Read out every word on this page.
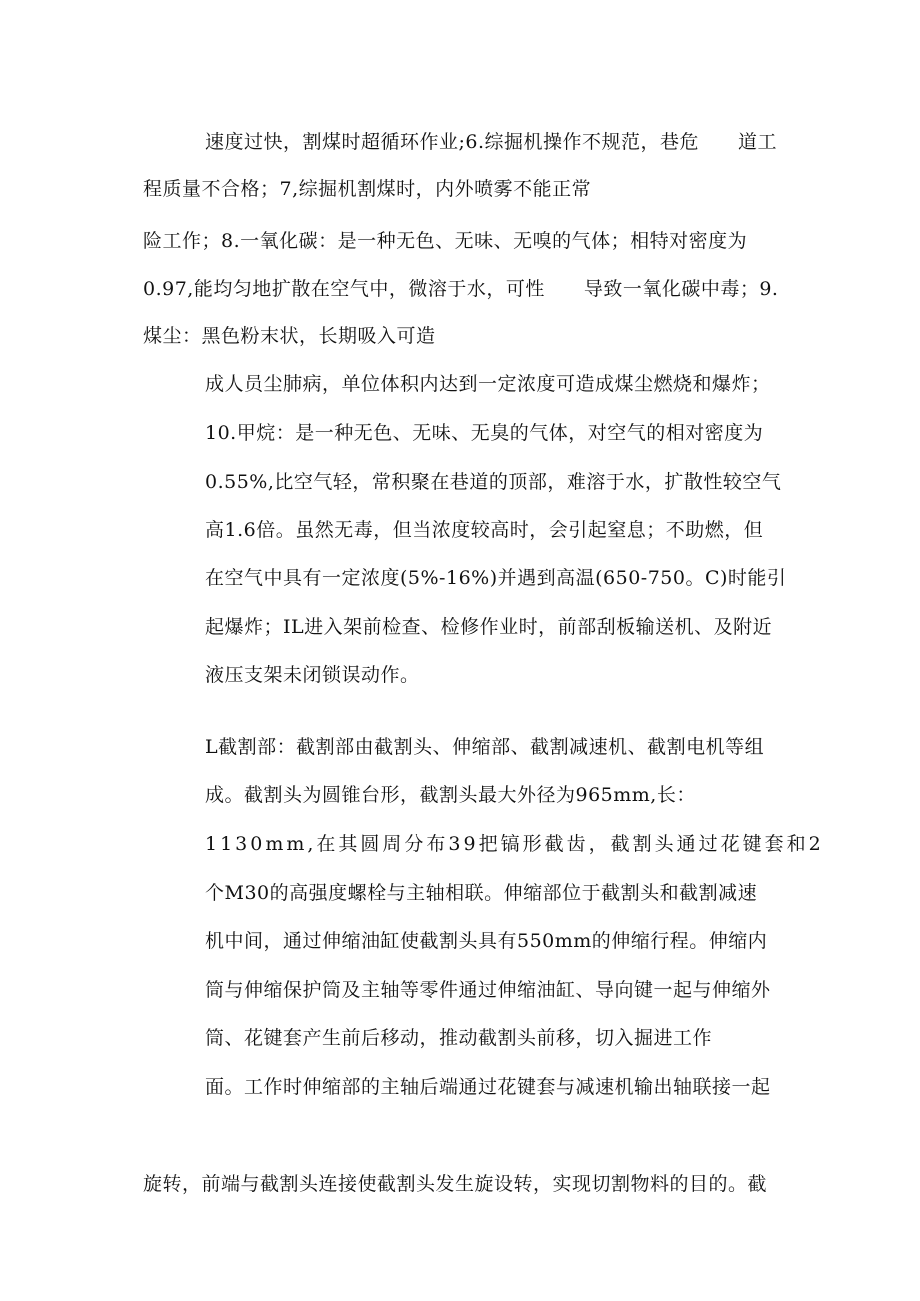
速度过快，割煤时超循环作业;6.综掘机操作不规范，巷危　　道工
程质量不合格；7,综掘机割煤时，内外喷雾不能正常
险工作；8.一氧化碳：是一种无色、无味、无嗅的气体；相特对密度为
0.97,能均匀地扩散在空气中，微溶于水，可性　　导致一氧化碳中毒；9.
煤尘：黑色粉末状，长期吸入可造
成人员尘肺病，单位体积内达到一定浓度可造成煤尘燃烧和爆炸；
10.甲烷：是一种无色、无味、无臭的气体，对空气的相对密度为
0.55%,比空气轻，常积聚在巷道的顶部，难溶于水，扩散性较空气
高1.6倍。虽然无毒，但当浓度较高时，会引起窒息；不助燃，但
在空气中具有一定浓度(5%-16%)并遇到高温(650-750。C)时能引
起爆炸；IL进入架前检查、检修作业时，前部刮板输送机、及附近
液压支架未闭锁误动作。
L截割部：截割部由截割头、伸缩部、截割减速机、截割电机等组
成。截割头为圆锥台形，截割头最大外径为965mm,长：
1130mm,在其圆周分布39把镐形截齿，截割头通过花键套和2
个M30的高强度螺栓与主轴相联。伸缩部位于截割头和截割减速
机中间，通过伸缩油缸使截割头具有550mm的伸缩行程。伸缩内
筒与伸缩保护筒及主轴等零件通过伸缩油缸、导向键一起与伸缩外
筒、花键套产生前后移动，推动截割头前移，切入掘进工作
面。工作时伸缩部的主轴后端通过花键套与减速机输出轴联接一起
旋转，前端与截割头连接使截割头发生旋设转，实现切割物料的目的。截
